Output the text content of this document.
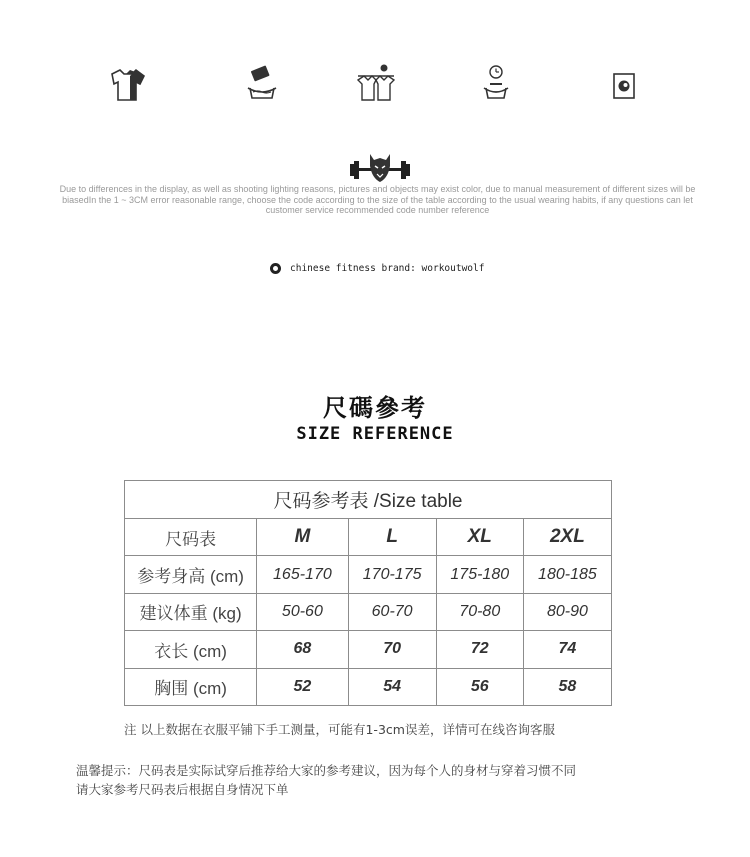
Due to differences in the display, as well as shooting lighting reasons, pictures and objects may exist color, due to manual measurement of different sizes will be biasedIn the 1 ~ 3CM error reasonable range, choose the code according to the size of the table according to the usual wearing habits, if any questions can let customer service recommended code number reference
chinese fitness brand: workoutwolf
尺碼參考
SIZE REFERENCE
尺码参考表 /Size table				
尺码表	M	L	XL	2XL
参考身高 (cm)	165-170	170-175	175-180	180-185
建议体重 (kg)	50-60	60-70	70-80	80-90
衣长 (cm)	68	70	72	74
胸围 (cm)	52	54	56	58
注 以上数据在衣服平铺下手工测量，可能有1-3cm误差，详情可在线咨询客服
温馨提示：尺码表是实际试穿后推荐给大家的参考建议，因为每个人的身材与穿着习惯不同
请大家参考尺码表后根据自身情况下单
